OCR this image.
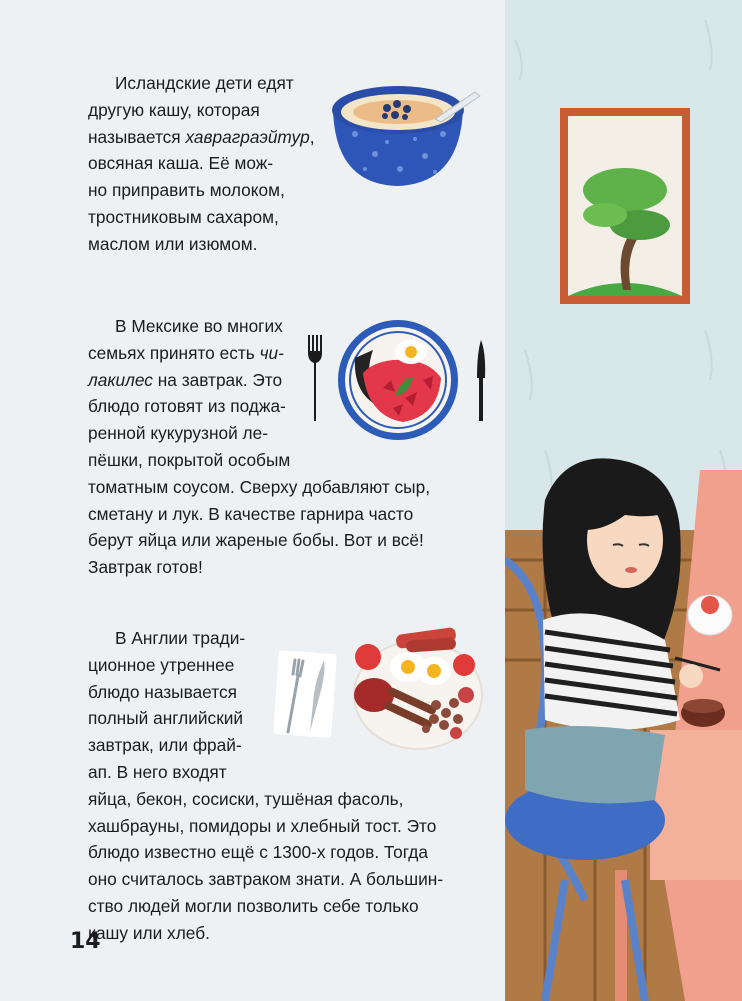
Исландские дети едят
другую кашу, которая
называется хавраграэйтур,
овсяная каша. Её мож-
но приправить молоком,
тростниковым сахаром,
маслом или изюмом.
В Мексике во многих
семьях принято есть чи-
лакилес на завтрак. Это
блюдо готовят из поджа-
ренной кукурузной ле-
пёшки, покрытой особым
томатным соусом. Сверху добавляют сыр,
сметану и лук. В качестве гарнира часто
берут яйца или жареные бобы. Вот и всё!
Завтрак готов!
В Англии тради-
ционное утреннее
блюдо называется
полный английский
завтрак, или фрай-
ап. В него входят
яйца, бекон, сосиски, тушёная фасоль,
хашбрауны, помидоры и хлебный тост. Это
блюдо известно ещё с 1300-х годов. Тогда
оно считалось завтраком знати. А большин-
ство людей могли позволить себе только
кашу или хлеб.
14
